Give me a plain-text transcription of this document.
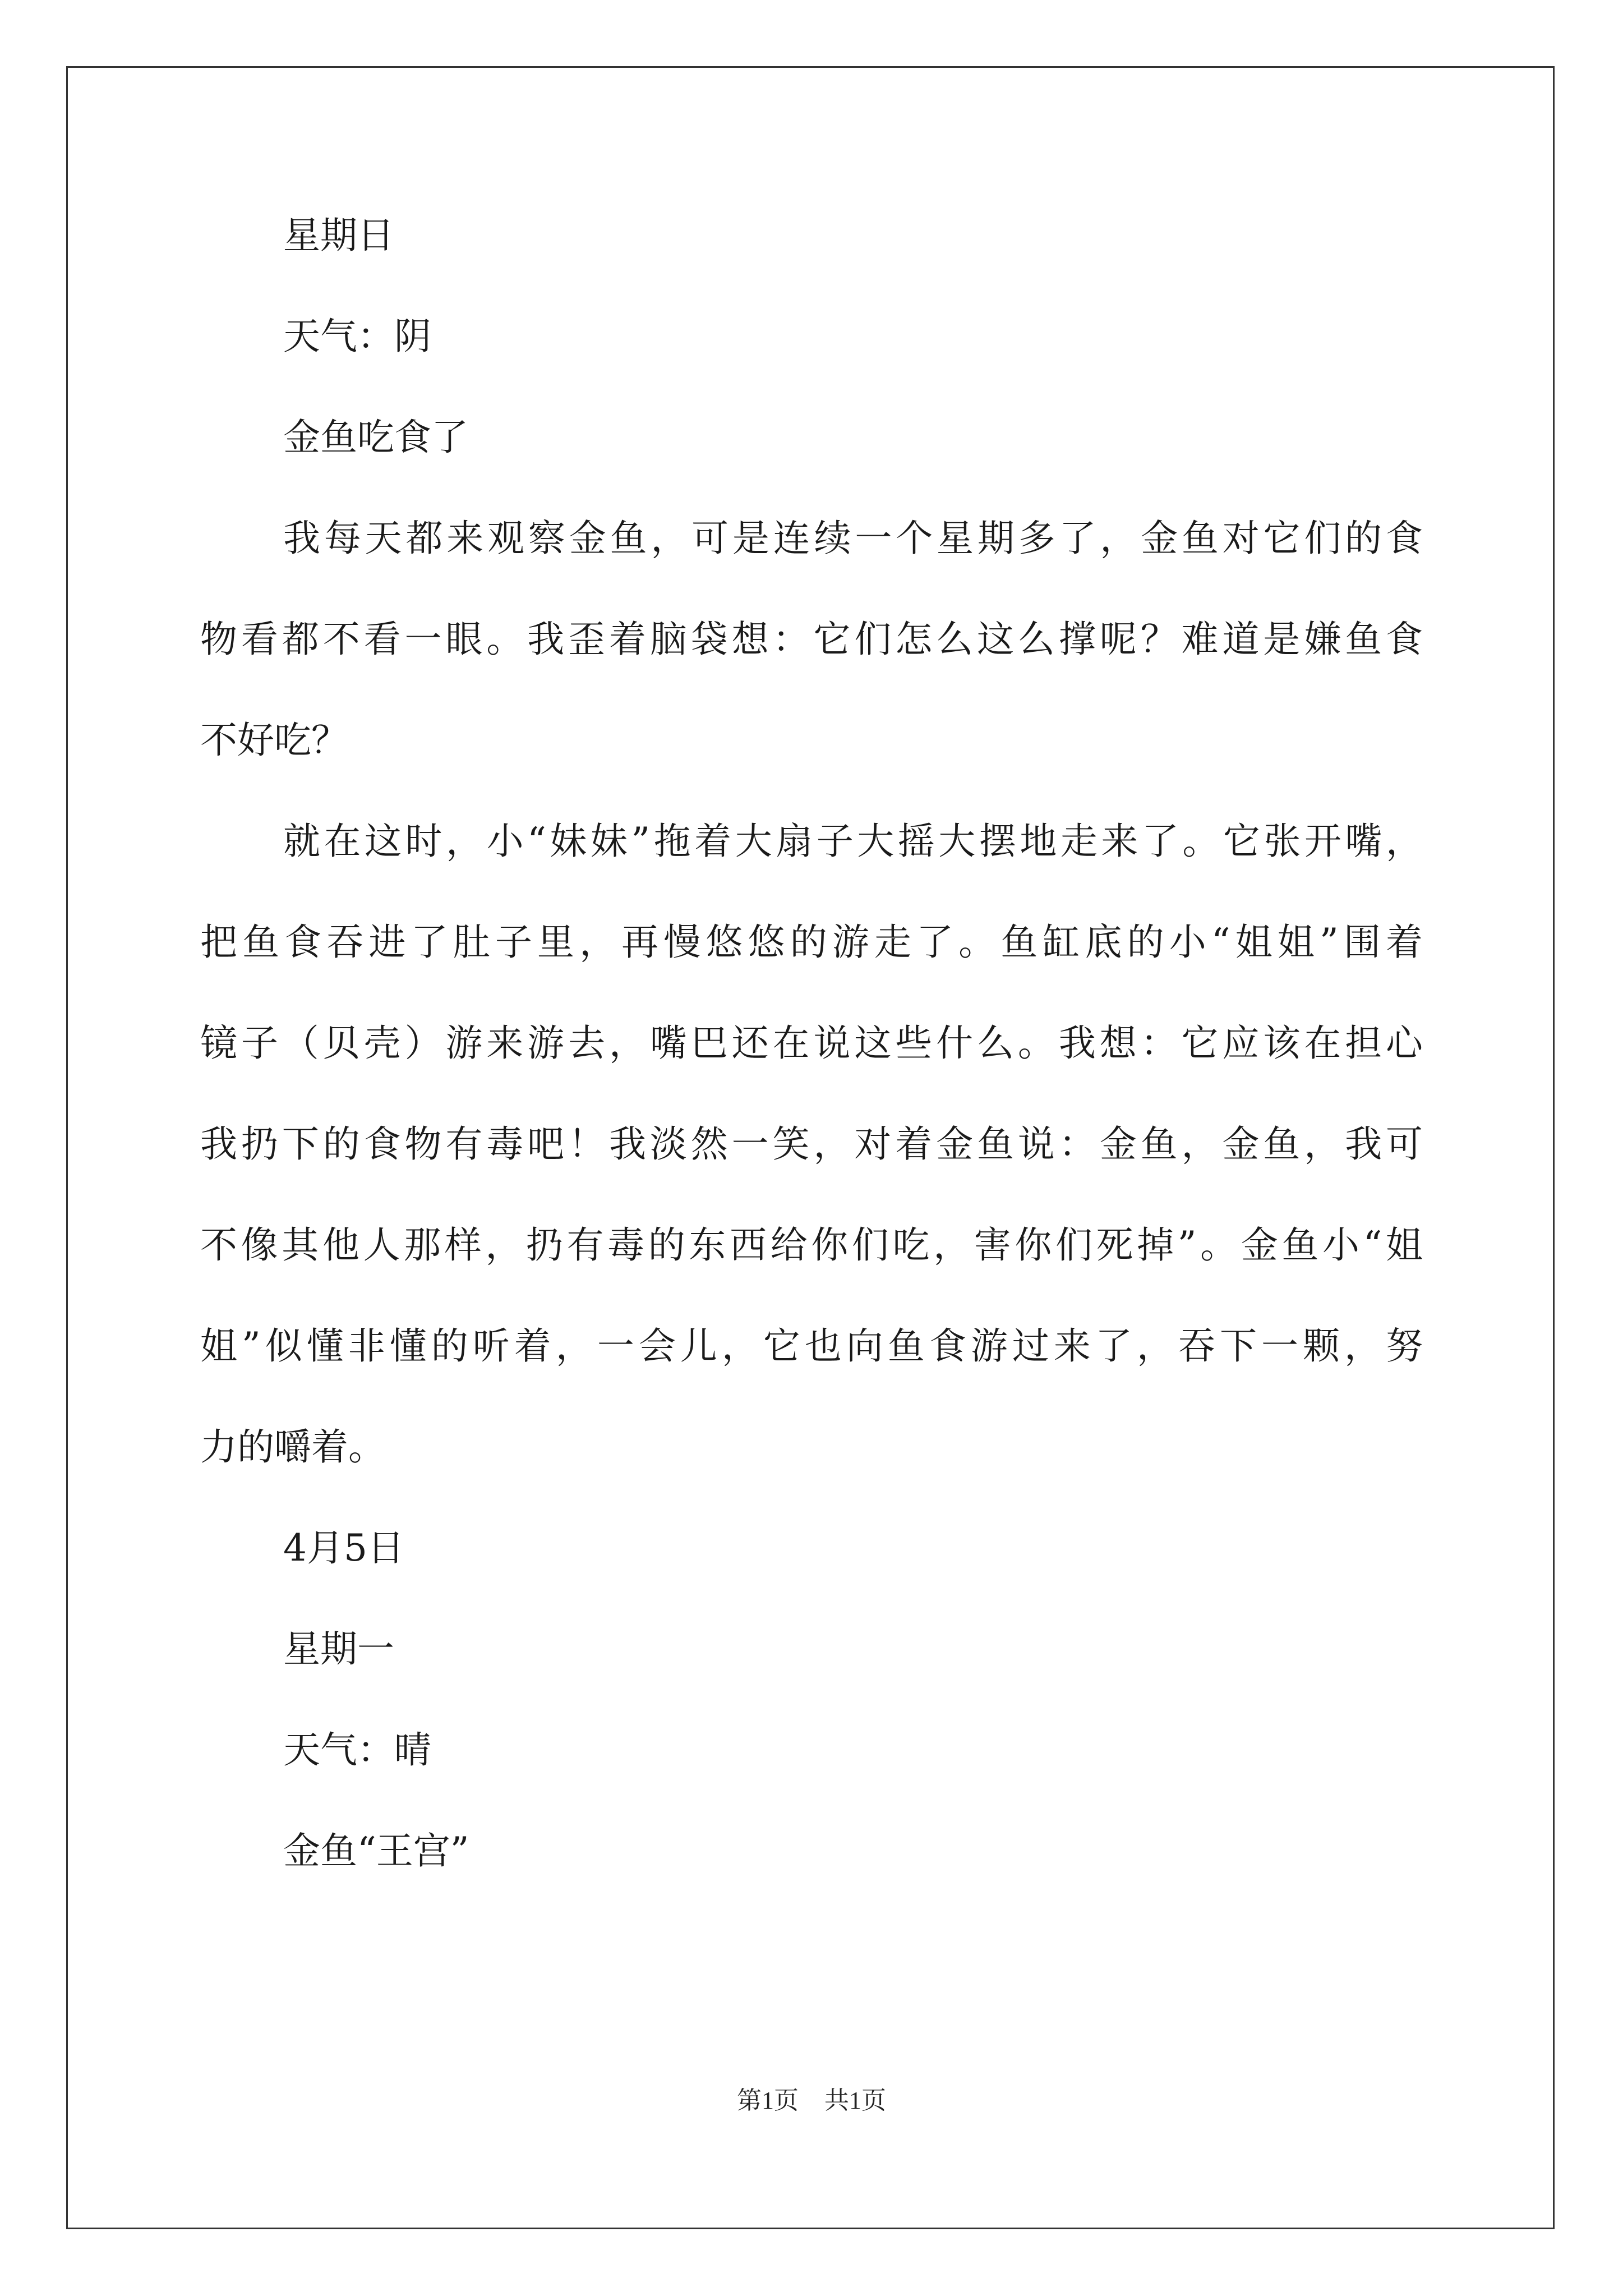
星期日
天气：阴
金鱼吃食了
我每天都来观察金鱼，可是连续一个星期多了，金鱼对它们的食
物看都不看一眼。我歪着脑袋想：它们怎么这么撑呢？难道是嫌鱼食
不好吃？
就在这时，小“妹妹”拖着大扇子大摇大摆地走来了。它张开嘴，
把鱼食吞进了肚子里，再慢悠悠的游走了。鱼缸底的小“姐姐”围着
镜子（贝壳）游来游去，嘴巴还在说这些什么。我想：它应该在担心
我扔下的食物有毒吧！我淡然一笑，对着金鱼说：金鱼，金鱼，我可
不像其他人那样，扔有毒的东西给你们吃，害你们死掉”。金鱼小“姐
姐”似懂非懂的听着，一会儿，它也向鱼食游过来了，吞下一颗，努
力的嚼着。
4月5日
星期一
天气：晴
金鱼“王宫”
第1页 共1页
